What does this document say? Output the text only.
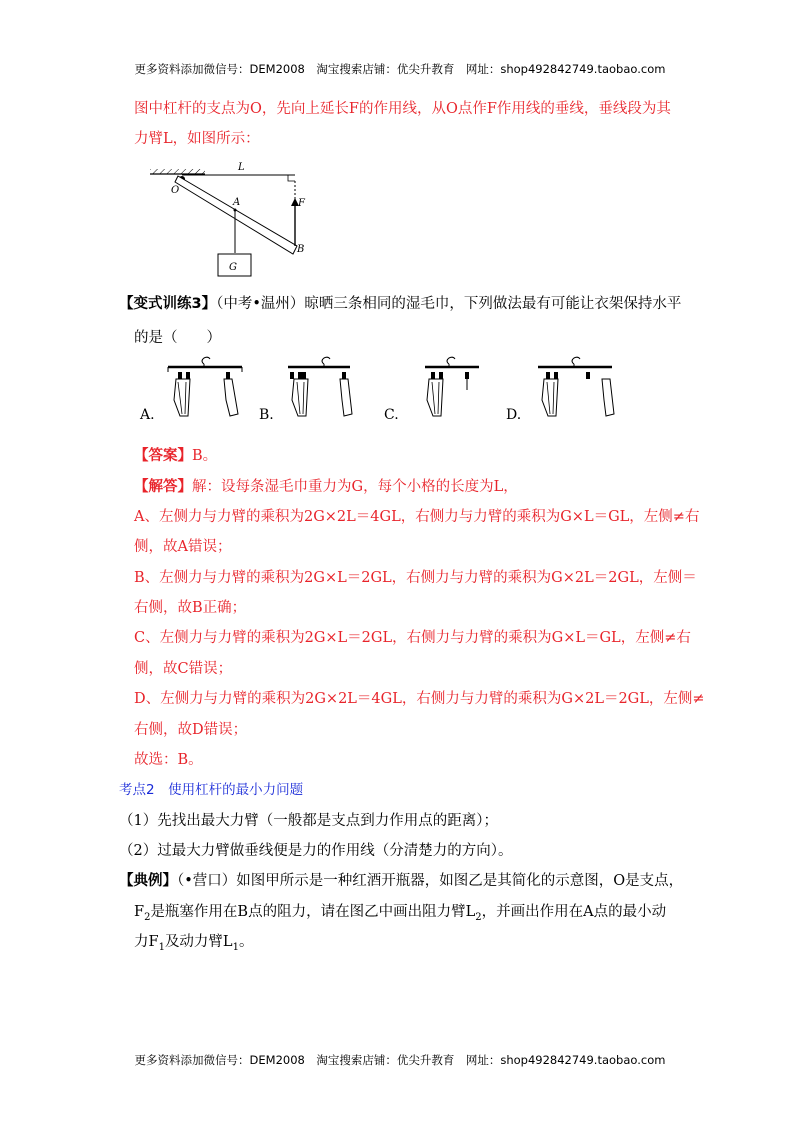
更多资料添加微信号：DEM2008　淘宝搜索店铺：优尖升教育　网址：shop492842749.taobao.com
图中杠杆的支点为O，先向上延长F的作用线，从O点作F作用线的垂线，垂线段为其
力臂L，如图所示：
L
O
A	F
B
G
【变式训练3】（中考•温州）晾晒三条相同的湿毛巾，下列做法最有可能让衣架保持水平
的是（　　）
A.	B.	C.	D.
【答案】B。
【解答】解：设每条湿毛巾重力为G，每个小格的长度为L，
A、左侧力与力臂的乘积为2G×2L＝4GL，右侧力与力臂的乘积为G×L＝GL，左侧≠右
侧，故A错误；
B、左侧力与力臂的乘积为2G×L＝2GL，右侧力与力臂的乘积为G×2L＝2GL，左侧＝
右侧，故B正确；
C、左侧力与力臂的乘积为2G×L＝2GL，右侧力与力臂的乘积为G×L＝GL，左侧≠右
侧，故C错误；
D、左侧力与力臂的乘积为2G×2L＝4GL，右侧力与力臂的乘积为G×2L＝2GL，左侧≠
右侧，故D错误；
故选：B。
考点2　使用杠杆的最小力问题
（1）先找出最大力臂（一般都是支点到力作用点的距离）；
（2）过最大力臂做垂线便是力的作用线（分清楚力的方向）。
【典例】（•营口）如图甲所示是一种红酒开瓶器，如图乙是其简化的示意图，O是支点，
$F_2$是瓶塞作用在B点的阻力，请在图乙中画出阻力臂$L_2$，并画出作用在A点的最小动
力$F_1$及动力臂$L_1$。
更多资料添加微信号：DEM2008　淘宝搜索店铺：优尖升教育　网址：shop492842749.taobao.com
